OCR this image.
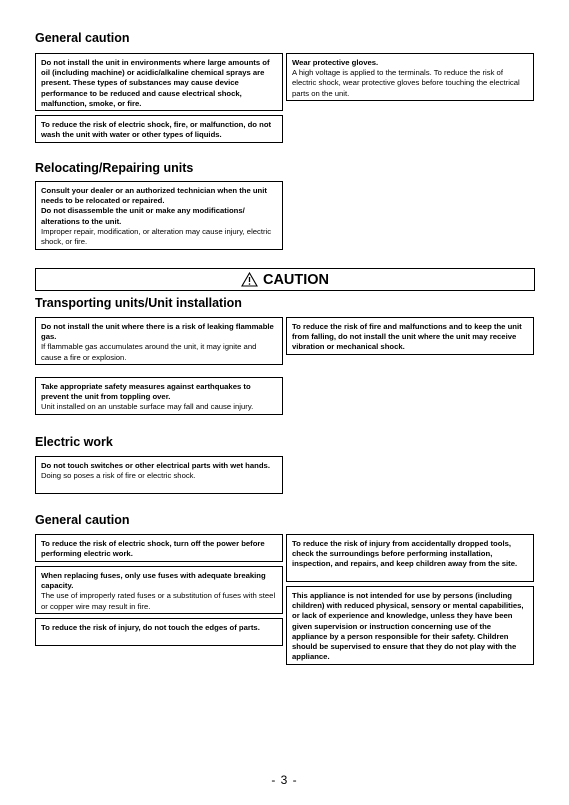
General caution

Do not install the unit in environments where large amounts of oil (including machine) or acidic/alkaline chemical sprays are present. These types of substances may cause device performance to be reduced and cause electrical shock, malfunction, smoke, or fire.

Wear protective gloves.

A high voltage is applied to the terminals. To reduce the risk of electric shock, wear protective gloves before touching the electrical parts on the unit.

To reduce the risk of electric shock, fire, or malfunction, do not wash the unit with water or other types of liquids.

Relocating/Repairing units

Consult your dealer or an authorized technician when the unit needs to be relocated or repaired.

Do not disassemble the unit or make any modifications/ alterations to the unit.

Improper repair, modification, or alteration may cause injury, electric shock, or fire.

CAUTION
Transporting units/Unit installation

Do not install the unit where there is a risk of leaking flammable gas.

If flammable gas accumulates around the unit, it may ignite and cause a fire or explosion.

To reduce the risk of fire and malfunctions and to keep the unit from falling, do not install the unit where the unit may receive vibration or mechanical shock.

Take appropriate safety measures against earthquakes to prevent the unit from toppling over.

Unit installed on an unstable surface may fall and cause injury.

Electric work

Do not touch switches or other electrical parts with wet hands.

Doing so poses a risk of fire or electric shock.

General caution

To reduce the risk of electric shock, turn off the power before performing electric work.

When replacing fuses, only use fuses with adequate breaking capacity.

The use of improperly rated fuses or a substitution of fuses with steel or copper wire may result in fire.

To reduce the risk of injury, do not touch the edges of parts.

To reduce the risk of injury from accidentally dropped tools, check the surroundings before performing installation, inspection, and repairs, and keep children away from the site.

This appliance is not intended for use by persons (including children) with reduced physical, sensory or mental capabilities, or lack of experience and knowledge, unless they have been given supervision or instruction concerning use of the appliance by a person responsible for their safety. Children should be supervised to ensure that they do not play with the appliance.

- 3 -
